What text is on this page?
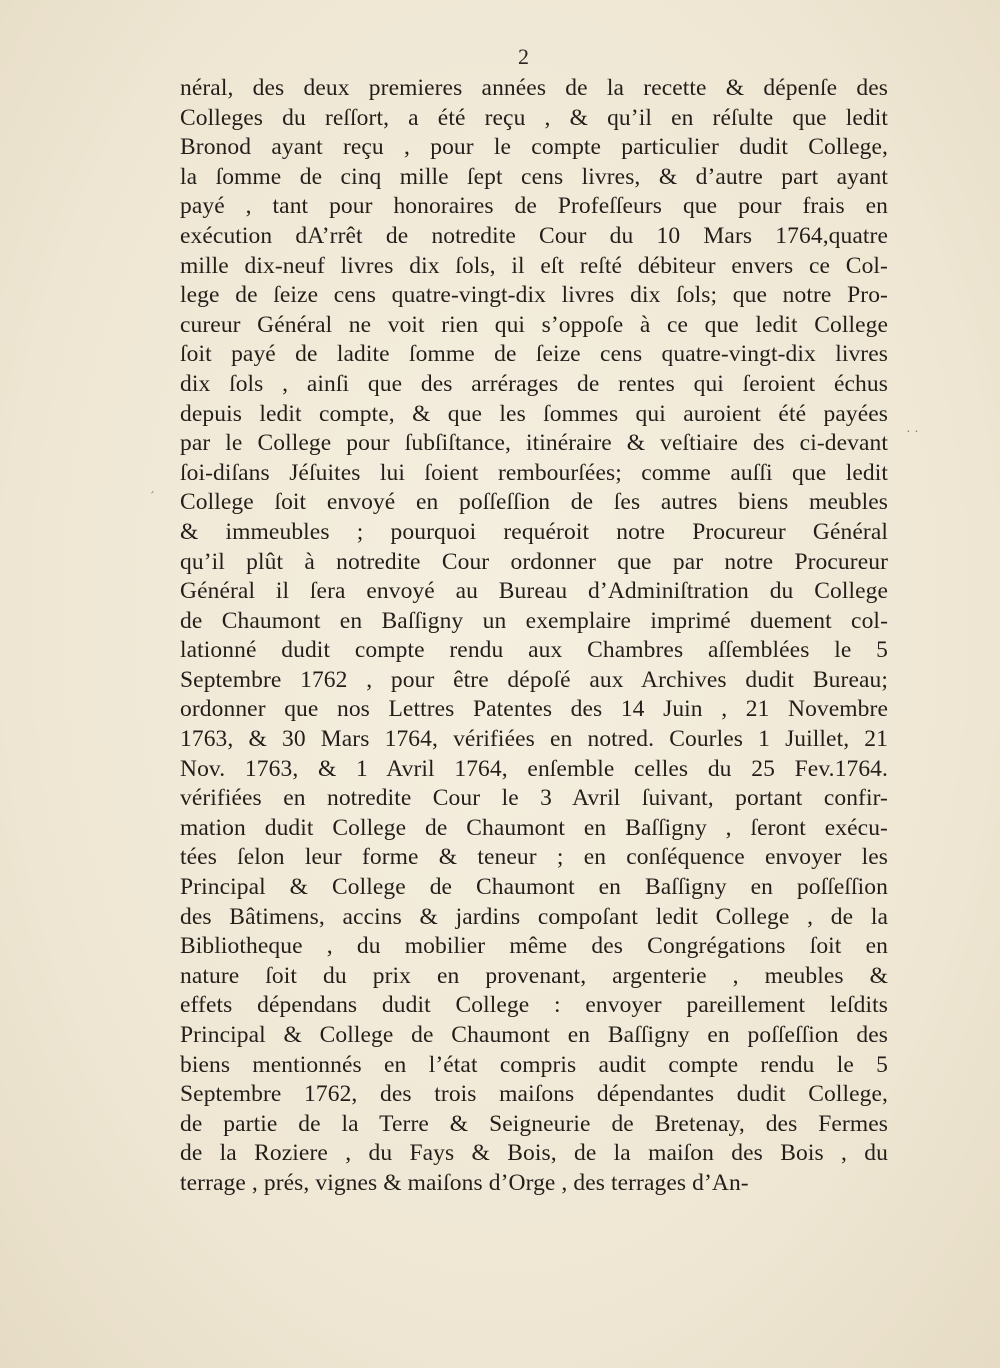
2
´
· ·
néral, des deux premieres années de la recette & dépenſe des
Colleges du reſſort, a été reçu , & qu’il en réſulte que ledit
Bronod ayant reçu , pour le compte particulier dudit College,
la ſomme de cinq mille ſept cens livres, & d’autre part ayant
payé , tant pour honoraires de Profeſſeurs que pour frais en
exécution dA’rrêt de notredite Cour du 10 Mars 1764,quatre
mille dix-neuf livres dix ſols, il eſt reſté débiteur envers ce Col-
lege de ſeize cens quatre-vingt-dix livres dix ſols; que notre Pro-
cureur Général ne voit rien qui s’oppoſe à ce que ledit College
ſoit payé de ladite ſomme de ſeize cens quatre-vingt-dix livres
dix ſols , ainſi que des arrérages de rentes qui ſeroient échus
depuis ledit compte, & que les ſommes qui auroient été payées
par le College pour ſubſiſtance, itinéraire & veſtiaire des ci-devant
ſoi-diſans Jéſuites lui ſoient rembourſées; comme auſſi que ledit
College ſoit envoyé en poſſeſſion de ſes autres biens meubles
& immeubles ; pourquoi requéroit notre Procureur Général
qu’il plût à notredite Cour ordonner que par notre Procureur
Général il ſera envoyé au Bureau d’Adminiſtration du College
de Chaumont en Baſſigny un exemplaire imprimé duement col-
lationné dudit compte rendu aux Chambres aſſemblées le 5
Septembre 1762 , pour être dépoſé aux Archives dudit Bureau;
ordonner que nos Lettres Patentes des 14 Juin , 21 Novembre
1763, & 30 Mars 1764, vérifiées en notred. Courles 1 Juillet, 21
Nov. 1763, & 1 Avril 1764, enſemble celles du 25 Fev.1764.
vérifiées en notredite Cour le 3 Avril ſuivant, portant confir-
mation dudit College de Chaumont en Baſſigny , ſeront exécu-
tées ſelon leur forme & teneur ; en conſéquence envoyer les
Principal & College de Chaumont en Baſſigny en poſſeſſion
des Bâtimens, accins & jardins compoſant ledit College , de la
Bibliotheque , du mobilier même des Congrégations ſoit en
nature ſoit du prix en provenant, argenterie , meubles &
effets dépendans dudit College : envoyer pareillement leſdits
Principal & College de Chaumont en Baſſigny en poſſeſſion des
biens mentionnés en l’état compris audit compte rendu le 5
Septembre 1762, des trois maiſons dépendantes dudit College,
de partie de la Terre & Seigneurie de Bretenay, des Fermes
de la Roziere , du Fays & Bois, de la maiſon des Bois , du
terrage , prés, vignes & maiſons d’Orge , des terrages d’An-
